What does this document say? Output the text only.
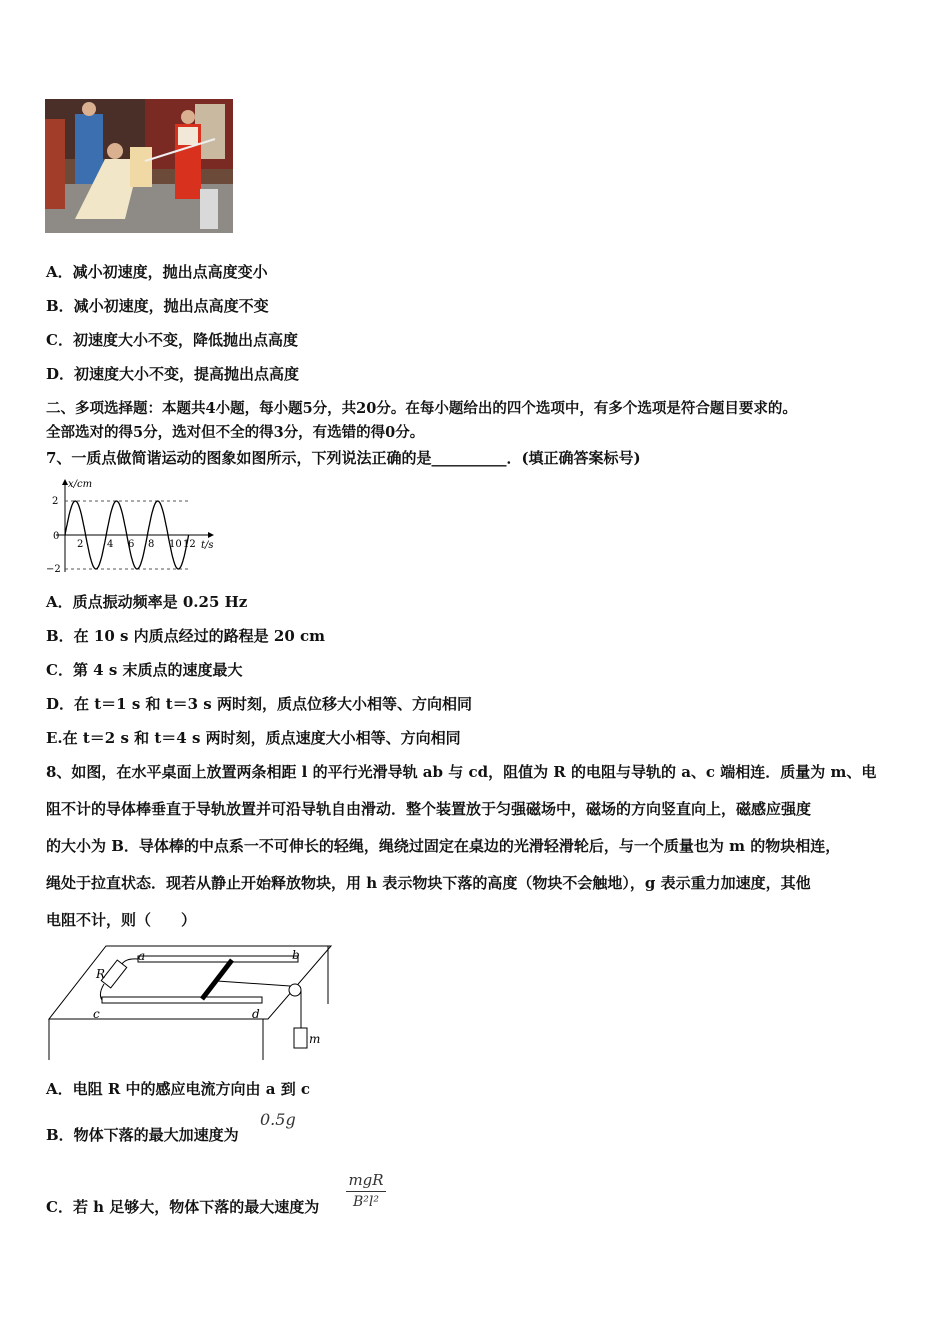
A．减小初速度，抛出点高度变小
B．减小初速度，抛出点高度不变
C．初速度大小不变，降低抛出点高度
D．初速度大小不变，提高抛出点高度
二、多项选择题：本题共4小题，每小题5分，共20分。在每小题给出的四个选项中，有多个选项是符合题目要求的。
全部选对的得5分，选对但不全的得3分，有选错的得0分。
7、一质点做简谐运动的图象如图所示，下列说法正确的是__________．(填正确答案标号)
x/cm
2
0
−2
2 4 6 8 10 12 t/s
A．质点振动频率是 0.25 Hz
B．在 10 s 内质点经过的路程是 20 cm
C．第 4 s 末质点的速度最大
D．在 t＝1 s 和 t＝3 s 两时刻，质点位移大小相等、方向相同
E.在 t＝2 s 和 t＝4 s 两时刻，质点速度大小相等、方向相同
8、如图，在水平桌面上放置两条相距 l 的平行光滑导轨 ab 与 cd，阻值为 R 的电阻与导轨的 a、c 端相连．质量为 m、电
阻不计的导体棒垂直于导轨放置并可沿导轨自由滑动．整个装置放于匀强磁场中，磁场的方向竖直向上，磁感应强度
的大小为 B．导体棒的中点系一不可伸长的轻绳，绳绕过固定在桌边的光滑轻滑轮后，与一个质量也为 m 的物块相连，
绳处于拉直状态．现若从静止开始释放物块，用 h 表示物块下落的高度（物块不会触地），g 表示重力加速度，其他
电阻不计，则（　　）
a	b
c	d
R
m
A．电阻 R 中的感应电流方向由 a 到 c
B．物体下落的最大加速度为
0.5g
C．若 h 足够大，物体下落的最大速度为
mgR
B²l²
